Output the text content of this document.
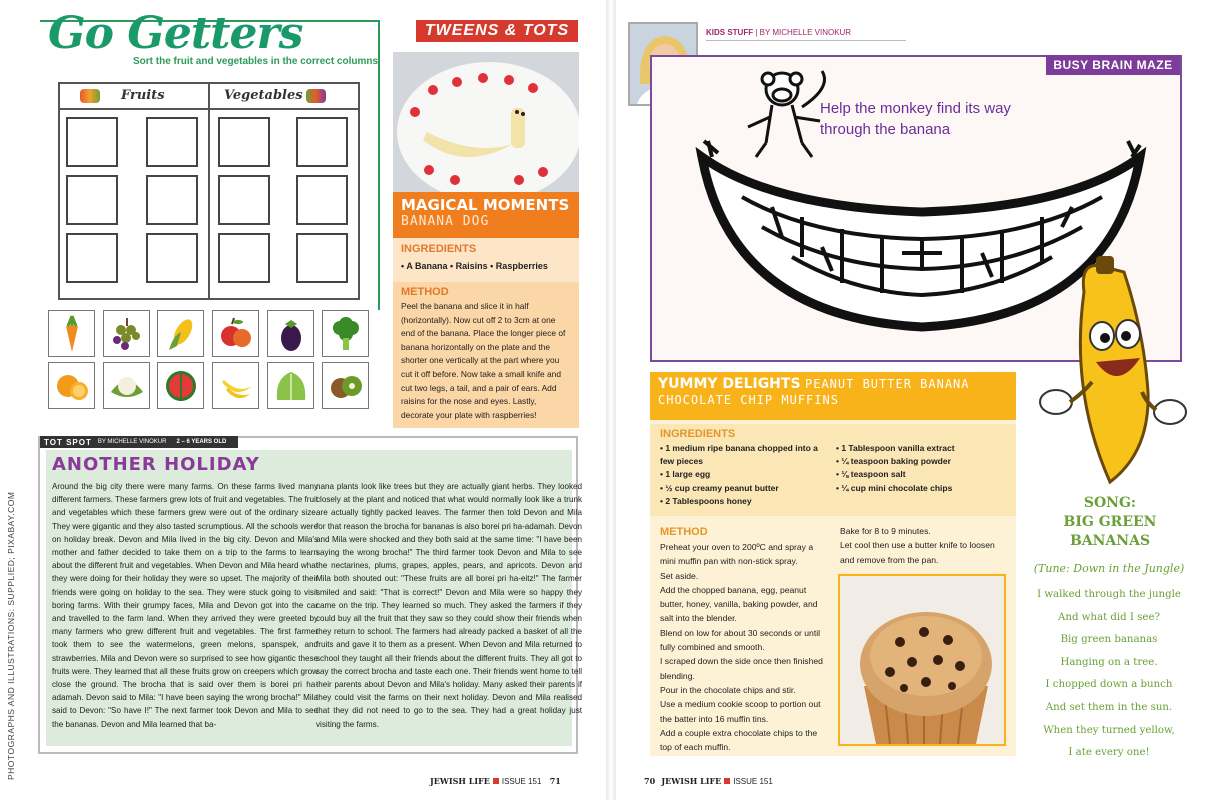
Go Getters
Sort the fruit and vegetables in the correct columns
Fruits	Vegetables
TWEENS & TOTS
MAGICAL MOMENTS
BANANA DOG
INGREDIENTS
• A Banana • Raisins • Raspberries
METHOD
Peel the banana and slice it in half (horizontally). Now cut off 2 to 3cm at one end of the banana. Place the longer piece of banana horizontally on the plate and the shorter one vertically at the part where you cut it off before. Now take a small knife and cut two legs, a tail, and a pair of ears. Add raisins for the nose and eyes. Lastly, decorate your plate with raspberries!
TOT SPOT BY MICHELLE VINOKUR 2 – 6 YEARS OLD
ANOTHER HOLIDAY
Around the big city there were many farms. On these farms lived many different farmers. These farmers grew lots of fruit and vegetables. The fruit and vegetables which these farmers grew were out of the ordinary size. They were gigantic and they also tasted scrumptious. All the schools were on holiday break. Devon and Mila lived in the big city. Devon and Mila's mother and father decided to take them on a trip to the farms to learn about the different fruit and vegetables. When Devon and Mila heard what they were doing for their holiday they were so upset. The majority of their friends were going on holiday to the sea. They were stuck going to visit boring farms. With their grumpy faces, Mila and Devon got into the car and travelled to the farm land. When they arrived they were greeted by many farmers who grew different fruit and vegetables. The first farmer took them to see the watermelons, green melons, spanspek, and strawberries. Mila and Devon were so surprised to see how gigantic these fruits were. They learned that all these fruits grow on creepers which grow close the ground. The brocha that is said over them is borei pri ha-adamah. Devon said to Mila: "I have been saying the wrong brocha!" Mila said to Devon: "So have I!" The next farmer took Devon and Mila to see the bananas. Devon and Mila learned that ba-
nana plants look like trees but they are actually giant herbs. They looked closely at the plant and noticed that what would normally look like a trunk are actually tightly packed leaves. The farmer then told Devon and Mila for that reason the brocha for bananas is also borei pri ha-adamah. Devon and Mila were shocked and they both said at the same time: "I have been saying the wrong brocha!" The third farmer took Devon and Mila to see the nectarines, plums, grapes, apples, pears, and apricots. Devon and Mila both shouted out: "These fruits are all borei pri ha-eitz!" The farmer smiled and said: "That is correct!" Devon and Mila were so happy they came on the trip. They learned so much. They asked the farmers if they could buy all the fruit that they saw so they could show their friends when they return to school. The farmers had already packed a basket of all the fruits and gave it to them as a present. When Devon and Mila returned to school they taught all their friends about the different fruits. They all got to say the correct brocha and taste each one. Their friends went home to tell their parents about Devon and Mila's holiday. Many asked their parents if they could visit the farms on their next holiday. Devon and Mila realised that they did not need to go to the sea. They had a great holiday just visiting the farms.
PHOTOGRAPHS AND ILLUSTRATIONS: SUPPLIED; PIXABAY.COM
JEWISH LIFE ISSUE 151 71
KIDS STUFF | BY MICHELLE VINOKUR
BUSY BRAIN MAZE
Help the monkey find its way through the banana
YUMMY DELIGHTS PEANUT BUTTER BANANA
CHOCOLATE CHIP MUFFINS
INGREDIENTS
• 1 medium ripe banana chopped into a few pieces
• 1 large egg
• ½ cup creamy peanut butter
• 2 Tablespoons honey
• 1 Tablespoon vanilla extract
• ¼ teaspoon baking powder
• ⅛ teaspoon salt
• ¼ cup mini chocolate chips
METHOD
Preheat your oven to 200ºC and spray a mini muffin pan with non-stick spray.
Set aside.
Add the chopped banana, egg, peanut butter, honey, vanilla, baking powder, and salt into the blender.
Blend on low for about 30 seconds or until fully combined and smooth.
I scraped down the side once then finished blending.
Pour in the chocolate chips and stir.
Use a medium cookie scoop to portion out the batter into 16 muffin tins.
Add a couple extra chocolate chips to the top of each muffin.
Bake for 8 to 9 minutes.
Let cool then use a butter knife to loosen and remove from the pan.
SONG:
BIG GREEN
BANANAS
(Tune: Down in the Jungle)
I walked through the jungle
And what did I see?
Big green bananas
Hanging on a tree.
I chopped down a bunch
And set them in the sun.
When they turned yellow,
I ate every one!
70 JEWISH LIFE ISSUE 151
